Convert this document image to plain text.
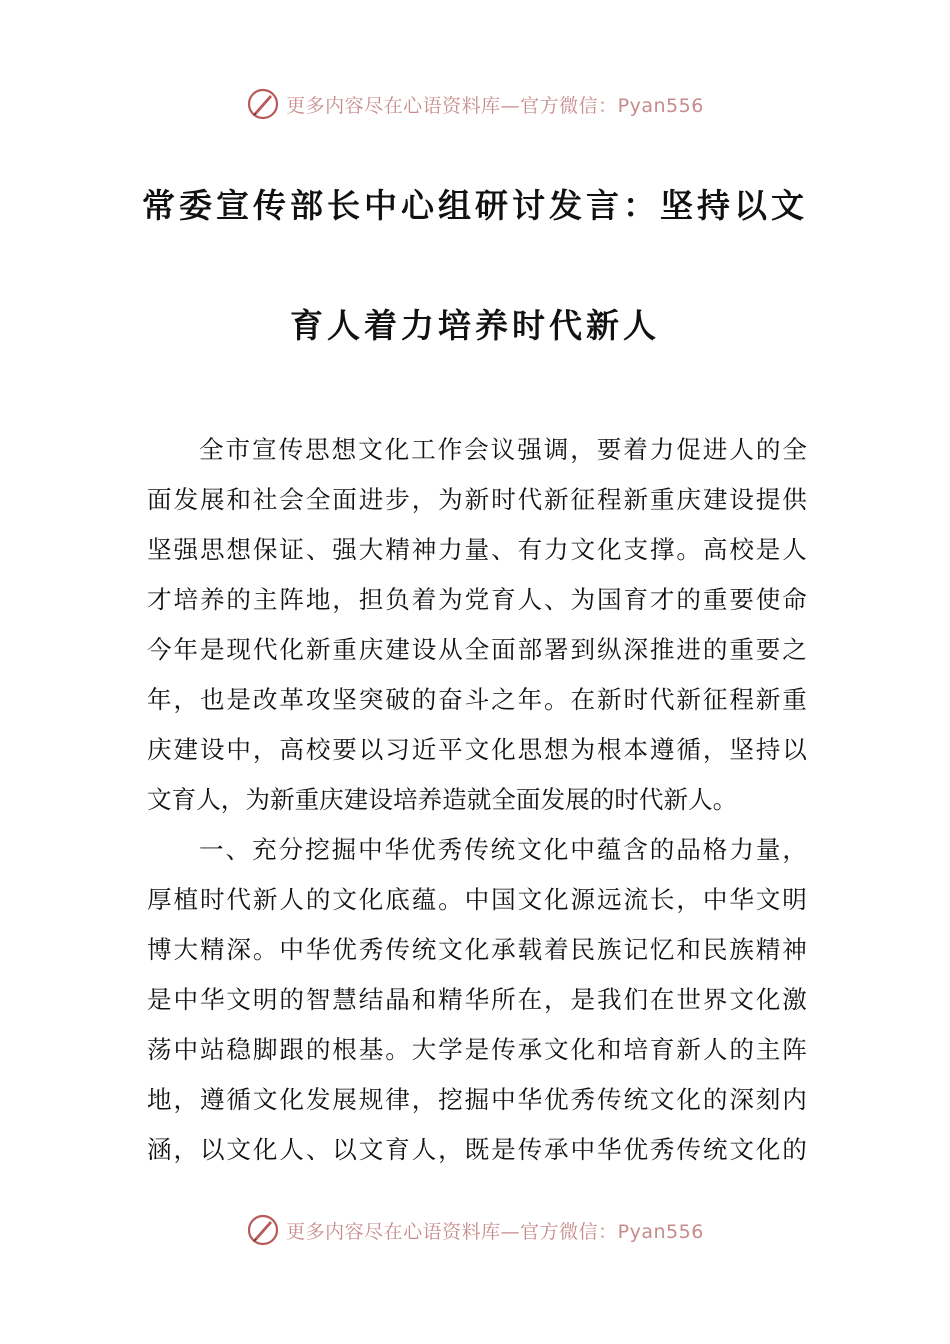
更多内容尽在心语资料库—官方微信：Pyan556
常委宣传部长中心组研讨发言：坚持以文
育人着力培养时代新人
全 市 宣 传 思 想 文 化 工 作 会 议 强 调 ， 要 着 力 促 进 人 的 全
面 发 展 和 社 会 全 面 进 步 ， 为 新 时 代 新 征 程 新 重 庆 建 设 提 供
坚 强 思 想 保 证 、 强 大 精 神 力 量 、 有 力 文 化 支 撑 。 高 校 是 人
才 培 养 的 主 阵 地 ， 担 负 着 为 党 育 人 、 为 国 育 才 的 重 要 使 命
今 年 是 现 代 化 新 重 庆 建 设 从 全 面 部 署 到 纵 深 推 进 的 重 要 之
年 ， 也 是 改 革 攻 坚 突 破 的 奋 斗 之 年 。 在 新 时 代 新 征 程 新 重
庆 建 设 中 ， 高 校 要 以 习 近 平 文 化 思 想 为 根 本 遵 循 ， 坚 持 以
文育人，为新重庆建设培养造就全面发展的时代新人。
一 、 充 分 挖 掘 中 华 优 秀 传 统 文 化 中 蕴 含 的 品 格 力 量 ，
厚 植 时 代 新 人 的 文 化 底 蕴 。 中 国 文 化 源 远 流 长 ， 中 华 文 明
博 大 精 深 。 中 华 优 秀 传 统 文 化 承 载 着 民 族 记 忆 和 民 族 精 神
是 中 华 文 明 的 智 慧 结 晶 和 精 华 所 在 ， 是 我 们 在 世 界 文 化 激
荡 中 站 稳 脚 跟 的 根 基 。 大 学 是 传 承 文 化 和 培 育 新 人 的 主 阵
地 ， 遵 循 文 化 发 展 规 律 ， 挖 掘 中 华 优 秀 传 统 文 化 的 深 刻 内
涵 ， 以 文 化 人 、 以 文 育 人 ， 既 是 传 承 中 华 优 秀 传 统 文 化 的
更多内容尽在心语资料库—官方微信：Pyan556
